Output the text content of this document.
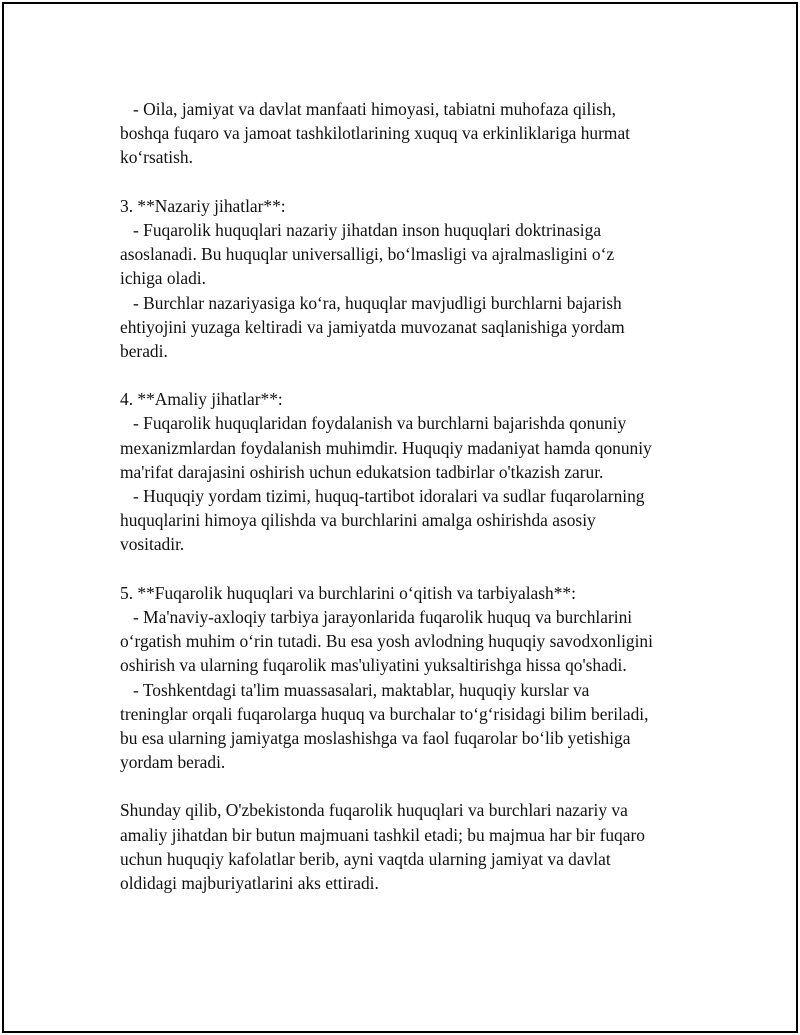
- Oila, jamiyat va davlat manfaati himoyasi, tabiatni muhofaza qilish,
boshqa fuqaro va jamoat tashkilotlarining xuquq va erkinliklariga hurmat
ko‘rsatish.
3. **Nazariy jihatlar**:
- Fuqarolik huquqlari nazariy jihatdan inson huquqlari doktrinasiga
asoslanadi. Bu huquqlar universalligi, bo‘lmasligi va ajralmasligini o‘z
ichiga oladi.
- Burchlar nazariyasiga ko‘ra, huquqlar mavjudligi burchlarni bajarish
ehtiyojini yuzaga keltiradi va jamiyatda muvozanat saqlanishiga yordam
beradi.
4. **Amaliy jihatlar**:
- Fuqarolik huquqlaridan foydalanish va burchlarni bajarishda qonuniy
mexanizmlardan foydalanish muhimdir. Huquqiy madaniyat hamda qonuniy
ma'rifat darajasini oshirish uchun edukatsion tadbirlar o'tkazish zarur.
- Huquqiy yordam tizimi, huquq-tartibot idoralari va sudlar fuqarolarning
huquqlarini himoya qilishda va burchlarini amalga oshirishda asosiy
vositadir.
5. **Fuqarolik huquqlari va burchlarini o‘qitish va tarbiyalash**:
- Ma'naviy-axloqiy tarbiya jarayonlarida fuqarolik huquq va burchlarini
o‘rgatish muhim o‘rin tutadi. Bu esa yosh avlodning huquqiy savodxonligini
oshirish va ularning fuqarolik mas'uliyatini yuksaltirishga hissa qo'shadi.
- Toshkentdagi ta'lim muassasalari, maktablar, huquqiy kurslar va
treninglar orqali fuqarolarga huquq va burchalar to‘g‘risidagi bilim beriladi,
bu esa ularning jamiyatga moslashishga va faol fuqarolar bo‘lib yetishiga
yordam beradi.
Shunday qilib, O'zbekistonda fuqarolik huquqlari va burchlari nazariy va
amaliy jihatdan bir butun majmuani tashkil etadi; bu majmua har bir fuqaro
uchun huquqiy kafolatlar berib, ayni vaqtda ularning jamiyat va davlat
oldidagi majburiyatlarini aks ettiradi.
